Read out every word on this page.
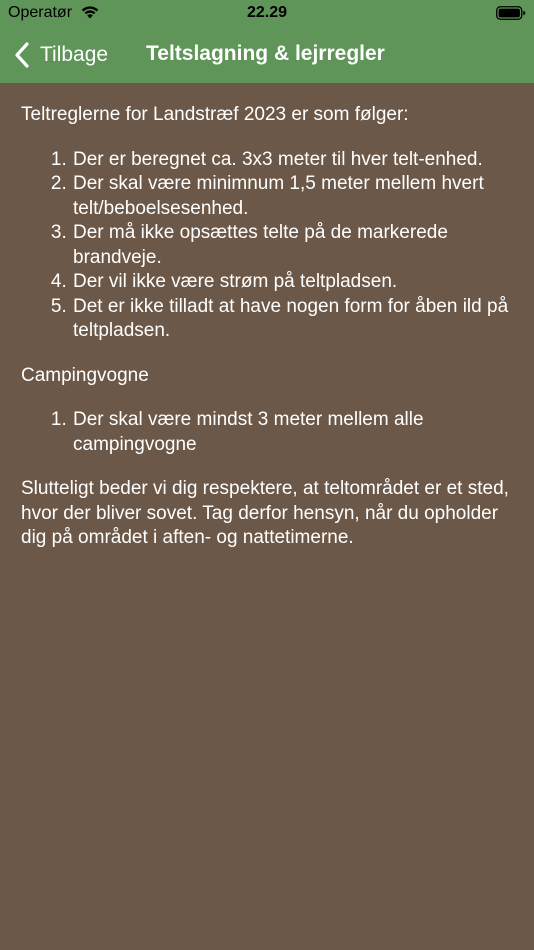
Operatør	22.29
Tilbage Teltslagning & lejrregler

Teltreglerne for Landstræf 2023 er som følger:

1. Der er beregnet ca. 3x3 meter til hver telt-enhed.
2. Der skal være minimnum 1,5 meter mellem hvert telt/beboelsesenhed.
3. Der må ikke opsættes telte på de markerede brandveje.
4. Der vil ikke være strøm på teltpladsen.
5. Det er ikke tilladt at have nogen form for åben ild på teltpladsen.

Campingvogne

1. Der skal være mindst 3 meter mellem alle campingvogne

Slutteligt beder vi dig respektere, at teltområdet er et sted, hvor der bliver sovet. Tag derfor hensyn, når du opholder dig på området i aften- og nattetimerne.
